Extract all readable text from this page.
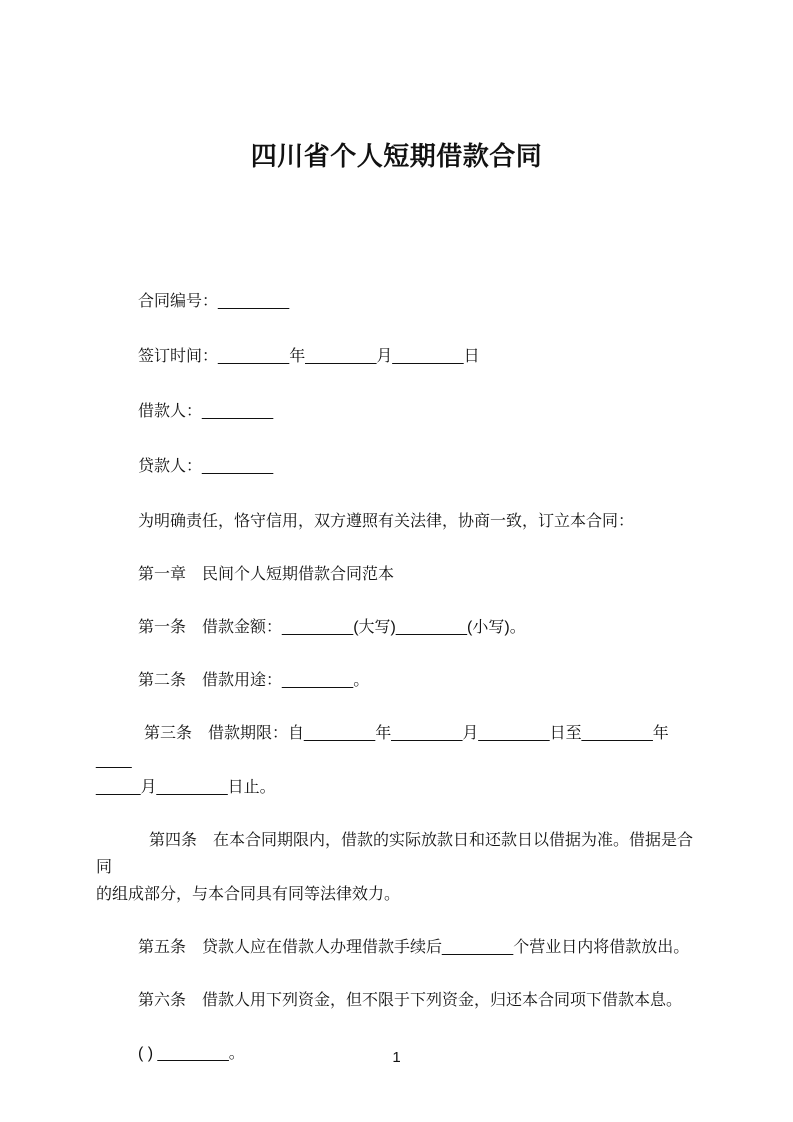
四川省个人短期借款合同

合同编号：________

签订时间：________年________月________日

借款人：________

贷款人：________

为明确责任，恪守信用，双方遵照有关法律，协商一致，订立本合同：

第一章　民间个人短期借款合同范本

第一条　借款金额：________(大写)________(小写)。

第二条　借款用途：________。

第三条　借款期限：自________年________月________日至________年____
_____月________日止。

第四条　在本合同期限内，借款的实际放款日和还款日以借据为准。借据是合同
的组成部分，与本合同具有同等法律效力。

第五条　贷款人应在借款人办理借款手续后________个营业日内将借款放出。

第六条　借款人用下列资金，但不限于下列资金，归还本合同项下借款本息。

( ) ________。	1
